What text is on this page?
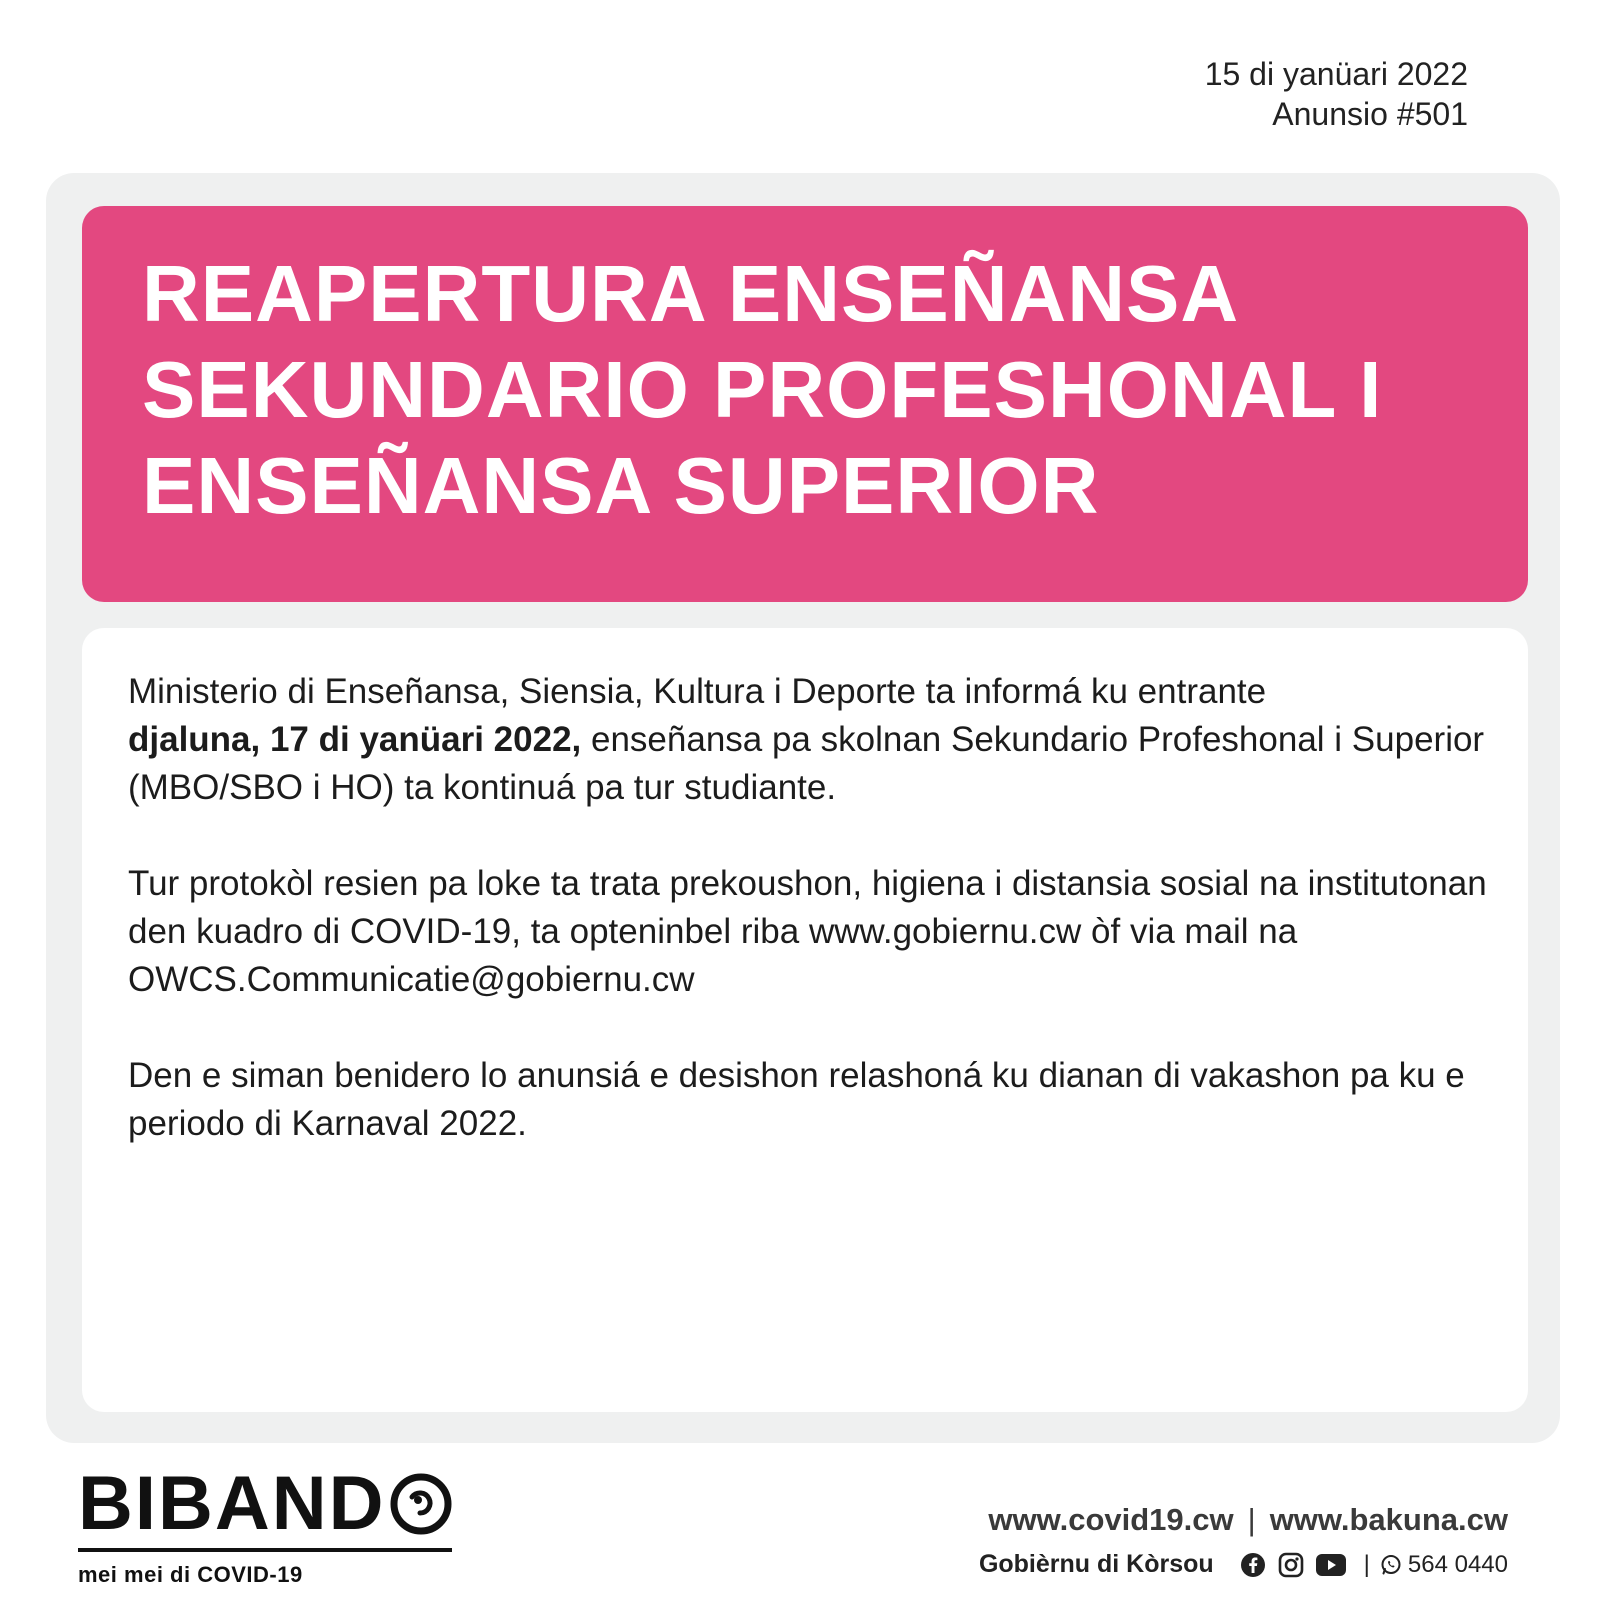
15 di yanüari 2022
Anunsio #501
REAPERTURA ENSEÑANSA SEKUNDARIO PROFESHONAL I ENSEÑANSA SUPERIOR

Ministerio di Enseñansa, Siensia, Kultura i Deporte ta informá ku entrante
djaluna, 17 di yanüari 2022, enseñansa pa skolnan Sekundario Profeshonal i Superior (MBO/SBO i HO) ta kontinuá pa tur studiante.

Tur protokòl resien pa loke ta trata prekoushon, higiena i distansia sosial na institutonan den kuadro di COVID-19, ta opteninbel riba www.gobiernu.cw òf via mail na OWCS.Communicatie@gobiernu.cw

Den e siman benidero lo anunsiá e desishon relashoná ku dianan di vakashon pa ku e periodo di Karnaval 2022.

BIBAND
mei mei di COVID-19
www.covid19.cw | www.bakuna.cw
Gobièrnu di Kòrsou	| 564 0440
